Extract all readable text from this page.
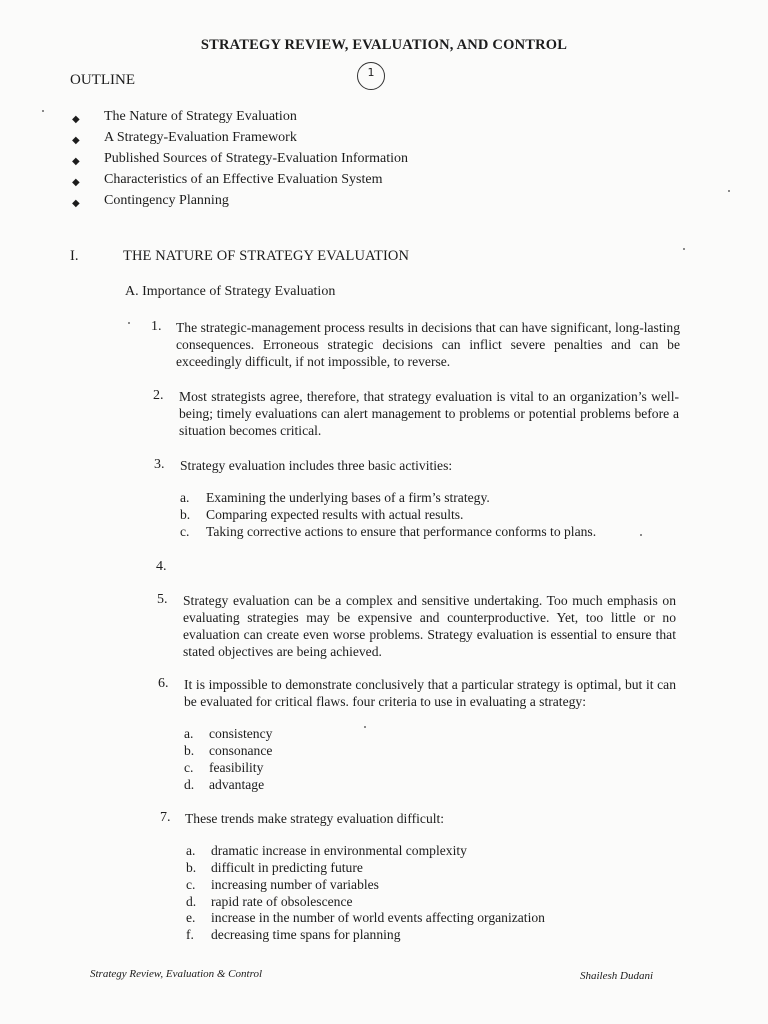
STRATEGY REVIEW, EVALUATION, AND CONTROL
OUTLINE	1
◆ The Nature of Strategy Evaluation
◆ A Strategy-Evaluation Framework
◆ Published Sources of Strategy-Evaluation Information
◆ Characteristics of an Effective Evaluation System
◆ Contingency Planning
I.	THE NATURE OF STRATEGY EVALUATION
A. Importance of Strategy Evaluation
1. The strategic-management process results in decisions that can have significant, long-lasting consequences. Erroneous strategic decisions can inflict severe penalties and can be exceedingly difficult, if not impossible, to reverse.
2. Most strategists agree, therefore, that strategy evaluation is vital to an organization’s well-being; timely evaluations can alert management to problems or potential problems before a situation becomes critical.
3. Strategy evaluation includes three basic activities:
a. Examining the underlying bases of a firm’s strategy.
b. Comparing expected results with actual results.
c. Taking corrective actions to ensure that performance conforms to plans.
4.
5. Strategy evaluation can be a complex and sensitive undertaking. Too much emphasis on evaluating strategies may be expensive and counterproductive. Yet, too little or no evaluation can create even worse problems. Strategy evaluation is essential to ensure that stated objectives are being achieved.
6. It is impossible to demonstrate conclusively that a particular strategy is optimal, but it can be evaluated for critical flaws. four criteria to use in evaluating a strategy:
a. consistency
b. consonance
c. feasibility
d. advantage
7. These trends make strategy evaluation difficult:
a. dramatic increase in environmental complexity
b. difficult in predicting future
c. increasing number of variables
d. rapid rate of obsolescence
e. increase in the number of world events affecting organization
f. decreasing time spans for planning
Strategy Review, Evaluation & Control	Shailesh Dudani
